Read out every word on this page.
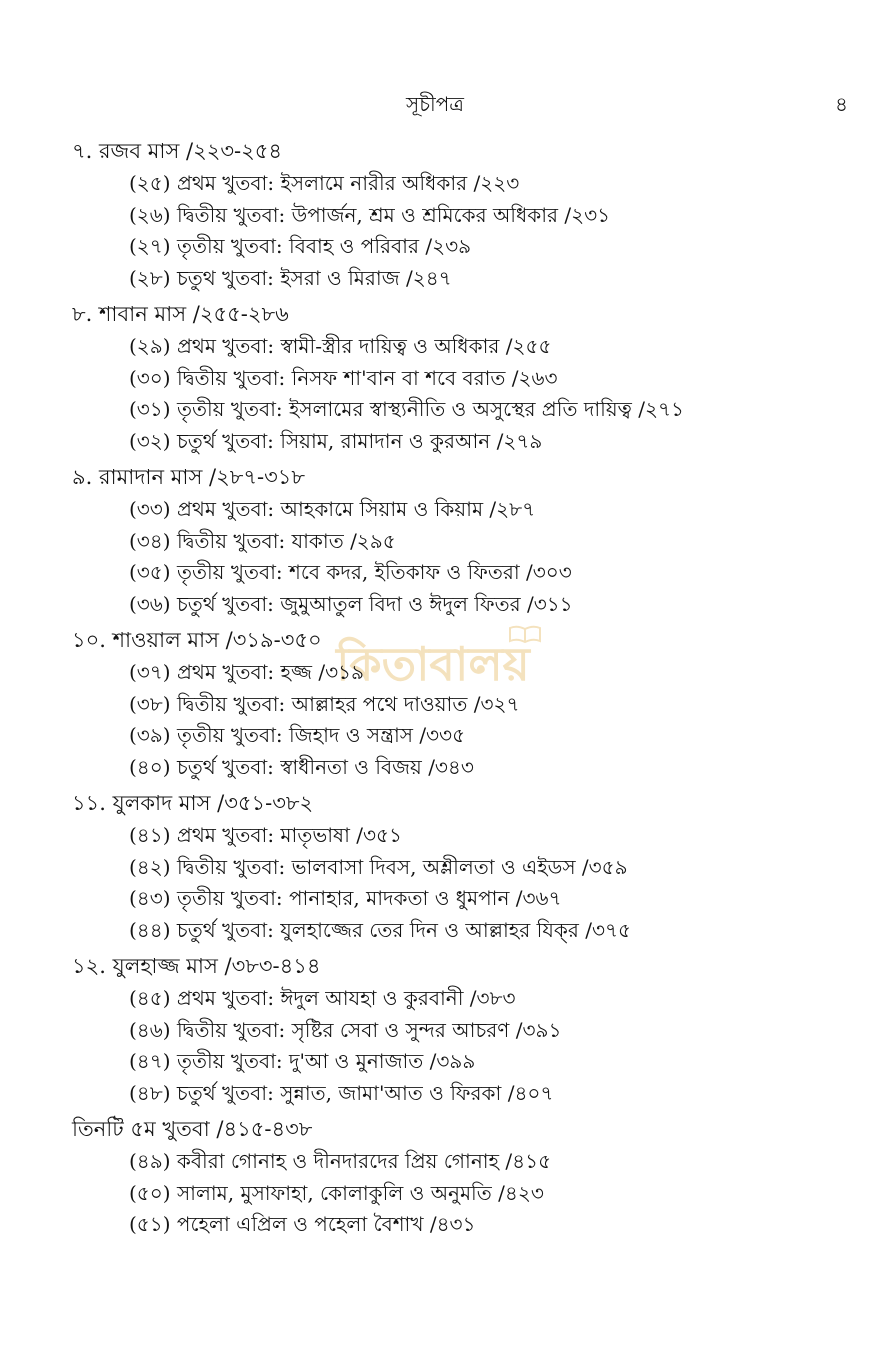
সূচীপত্র	৪
কিতাবালয়
৭. রজব মাস /২২৩-২৫৪
(২৫) প্রথম খুতবা: ইসলামে নারীর অধিকার /২২৩
(২৬) দ্বিতীয় খুতবা: উপার্জন, শ্রম ও শ্রমিকের অধিকার /২৩১
(২৭) তৃতীয় খুতবা: বিবাহ ও পরিবার /২৩৯
(২৮) চতুথ খুতবা: ইসরা ও মিরাজ /২৪৭
৮. শাবান মাস /২৫৫-২৮৬
(২৯) প্রথম খুতবা: স্বামী-স্ত্রীর দায়িত্ব ও অধিকার /২৫৫
(৩০) দ্বিতীয় খুতবা: নিসফ শা'বান বা শবে বরাত /২৬৩
(৩১) তৃতীয় খুতবা: ইসলামের স্বাস্থ্যনীতি ও অসুস্থের প্রতি দায়িত্ব /২৭১
(৩২) চতুর্থ খুতবা: সিয়াম, রামাদান ও কুরআন /২৭৯
৯. রামাদান মাস /২৮৭-৩১৮
(৩৩) প্রথম খুতবা: আহকামে সিয়াম ও কিয়াম /২৮৭
(৩৪) দ্বিতীয় খুতবা: যাকাত /২৯৫
(৩৫) তৃতীয় খুতবা: শবে কদর, ইতিকাফ ও ফিতরা /৩০৩
(৩৬) চতুর্থ খুতবা: জুমুআতুল বিদা ও ঈদুল ফিতর /৩১১
১০. শাওয়াল মাস /৩১৯-৩৫০
(৩৭) প্রথম খুতবা: হজ্জ /৩১৯
(৩৮) দ্বিতীয় খুতবা: আল্লাহর পথে দাওয়াত /৩২৭
(৩৯) তৃতীয় খুতবা: জিহাদ ও সন্ত্রাস /৩৩৫
(৪০) চতুর্থ খুতবা: স্বাধীনতা ও বিজয় /৩৪৩
১১. যুলকাদ মাস /৩৫১-৩৮২
(৪১) প্রথম খুতবা: মাতৃভাষা /৩৫১
(৪২) দ্বিতীয় খুতবা: ভালবাসা দিবস, অশ্লীলতা ও এইডস /৩৫৯
(৪৩) তৃতীয় খুতবা: পানাহার, মাদকতা ও ধুমপান /৩৬৭
(৪৪) চতুর্থ খুতবা: যুলহাজ্জের তের দিন ও আল্লাহর যিক্‌র /৩৭৫
১২. যুলহাজ্জ মাস /৩৮৩-৪১৪
(৪৫) প্রথম খুতবা: ঈদুল আযহা ও কুরবানী /৩৮৩
(৪৬) দ্বিতীয় খুতবা: সৃষ্টির সেবা ও সুন্দর আচরণ /৩৯১
(৪৭) তৃতীয় খুতবা: দু'আ ও মুনাজাত /৩৯৯
(৪৮) চতুর্থ খুতবা: সুন্নাত, জামা'আত ও ফিরকা /৪০৭
তিনটি ৫ম খুতবা /৪১৫-৪৩৮
(৪৯) কবীরা গোনাহ ও দীনদারদের প্রিয় গোনাহ /৪১৫
(৫০) সালাম, মুসাফাহা, কোলাকুলি ও অনুমতি /৪২৩
(৫১) পহেলা এপ্রিল ও পহেলা বৈশাখ /৪৩১
